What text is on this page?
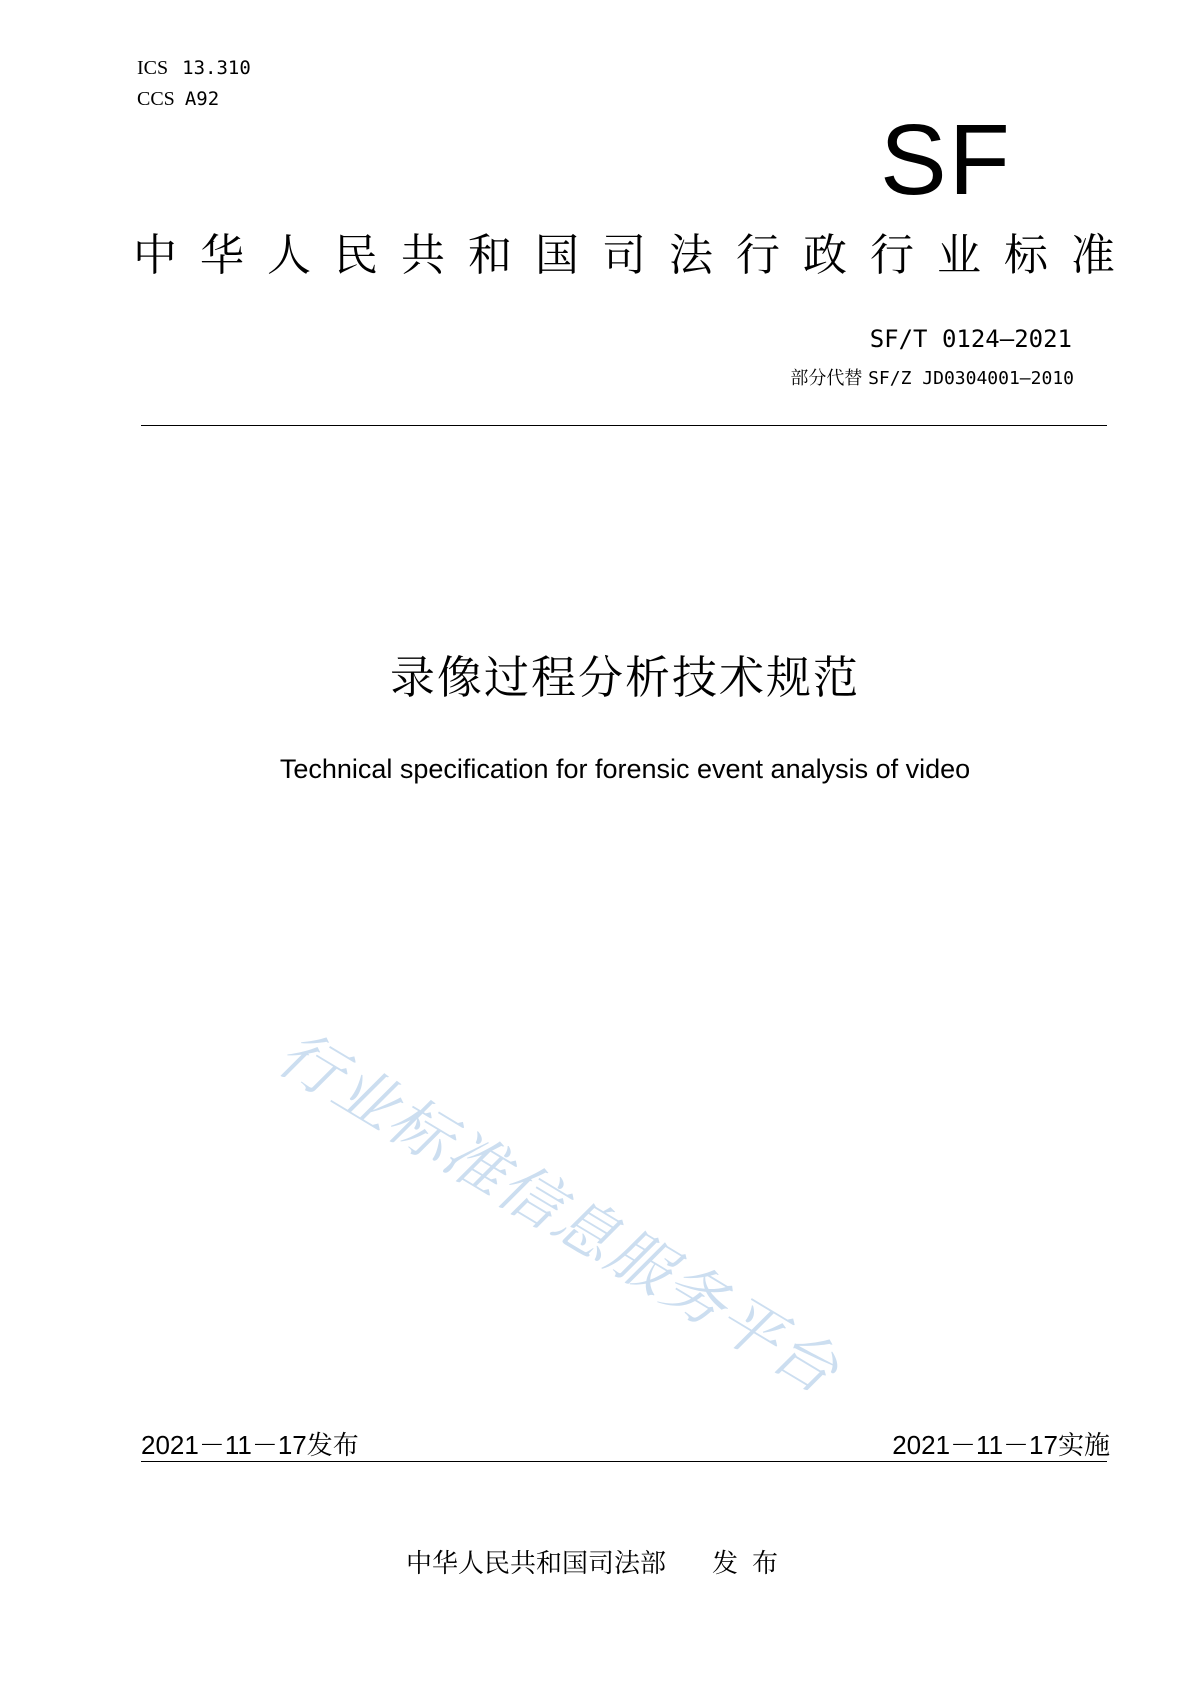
ICS 13.310
CCS A92
SF
中华人民共和国司法行政行业标准
SF/T 0124—2021
部分代替 SF/Z JD0304001—2010
录像过程分析技术规范
Technical specification for forensic event analysis of video
行业标准信息服务平台
2021－11－17发布	2021－11－17实施
中华人民共和国司法部 发布
